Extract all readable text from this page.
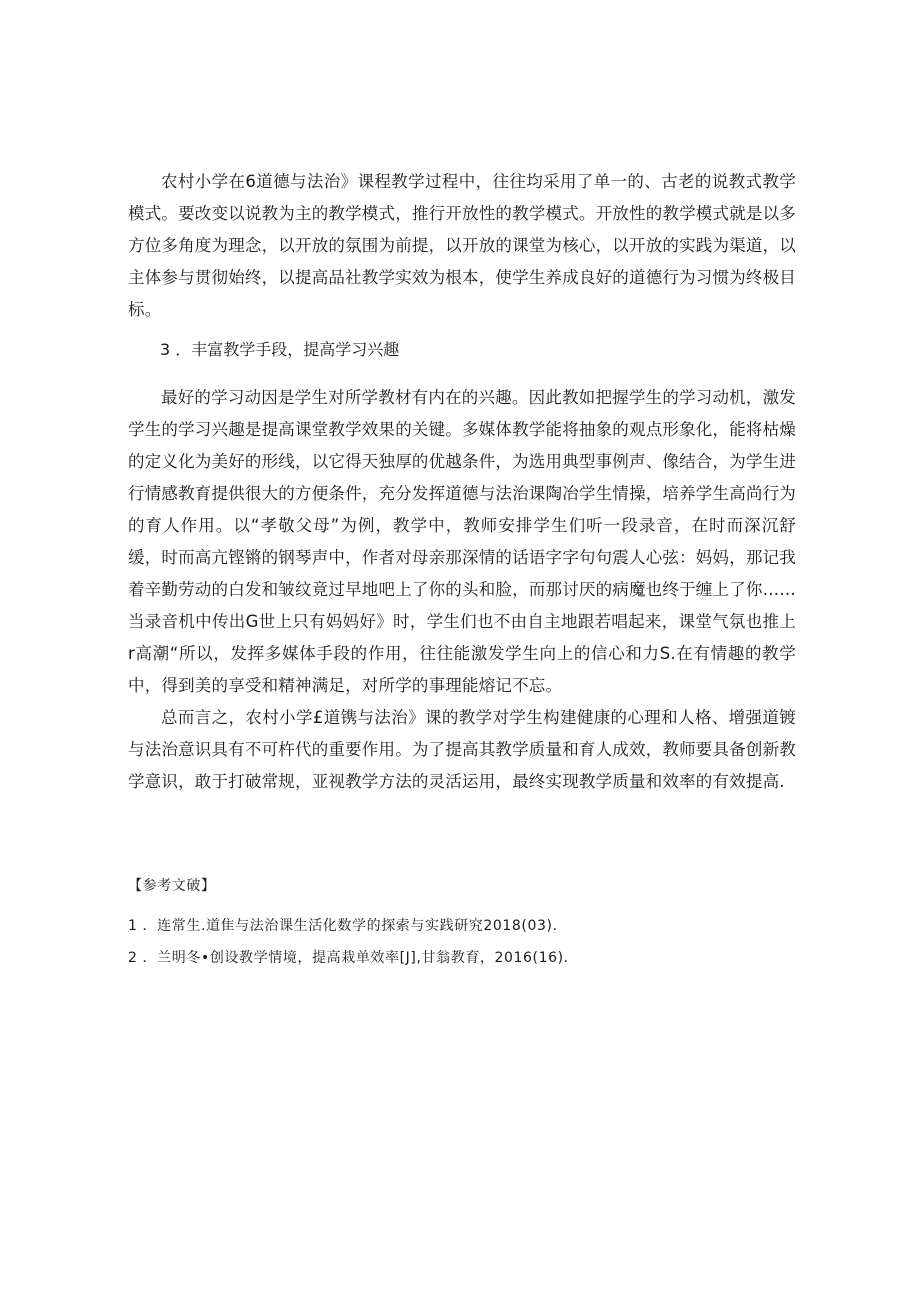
农村小学在6道德与法治》课程教学过程中，往往均采用了单一的、古老的说教式教学模式。要改变以说教为主的教学模式，推行开放性的教学模式。开放性的教学模式就是以多方位多角度为理念，以开放的氛围为前提，以开放的课堂为核心，以开放的实践为渠道，以主体参与贯彻始终，以提高品社教学实效为根本，使学生养成良好的道德行为习惯为终极目标。

3 ．丰富教学手段，提高学习兴趣

最好的学习动因是学生对所学教材有内在的兴趣。因此教如把握学生的学习动机，激发学生的学习兴趣是提高课堂教学效果的关键。多媒体教学能将抽象的观点形象化，能将枯燥的定义化为美好的形线，以它得天独厚的优越条件，为选用典型事例声、像结合，为学生进行情感教育提供很大的方便条件，充分发挥道德与法治课陶冶学生情操，培养学生高尚行为的育人作用。以“孝敬父母”为例，教学中，教师安排学生们听一段录音，在时而深沉舒缓，时而高亢铿锵的钢琴声中，作者对母亲那深情的话语字字句句震人心弦：妈妈，那记我着辛勤劳动的白发和皱纹竟过早地吧上了你的头和脸，而那讨厌的病魔也终于缠上了你……当录音机中传出G世上只有妈妈好》时，学生们也不由自主地跟若唱起来，课堂气氛也推上r高潮“所以，发挥多媒体手段的作用，往往能激发学生向上的信心和力S.在有情趣的教学中，得到美的享受和精神满足，对所学的事理能熔记不忘。

总而言之，农村小学£道镌与法治》课的教学对学生构建健康的心理和人格、增强道镀与法治意识具有不可杵代的重要作用。为了提高其教学质量和育人成效，教师要具备创新教学意识，敢于打破常规，亚视教学方法的灵活运用，最终实现教学质量和效率的有效提高.

【参考文破】

1 ．连常生.道隹与法治课生活化数学的探索与实践研究2018(03).

2 ．兰明冬•创设教学情境，提高栽单效率[J],甘翁教育，2016(16).
